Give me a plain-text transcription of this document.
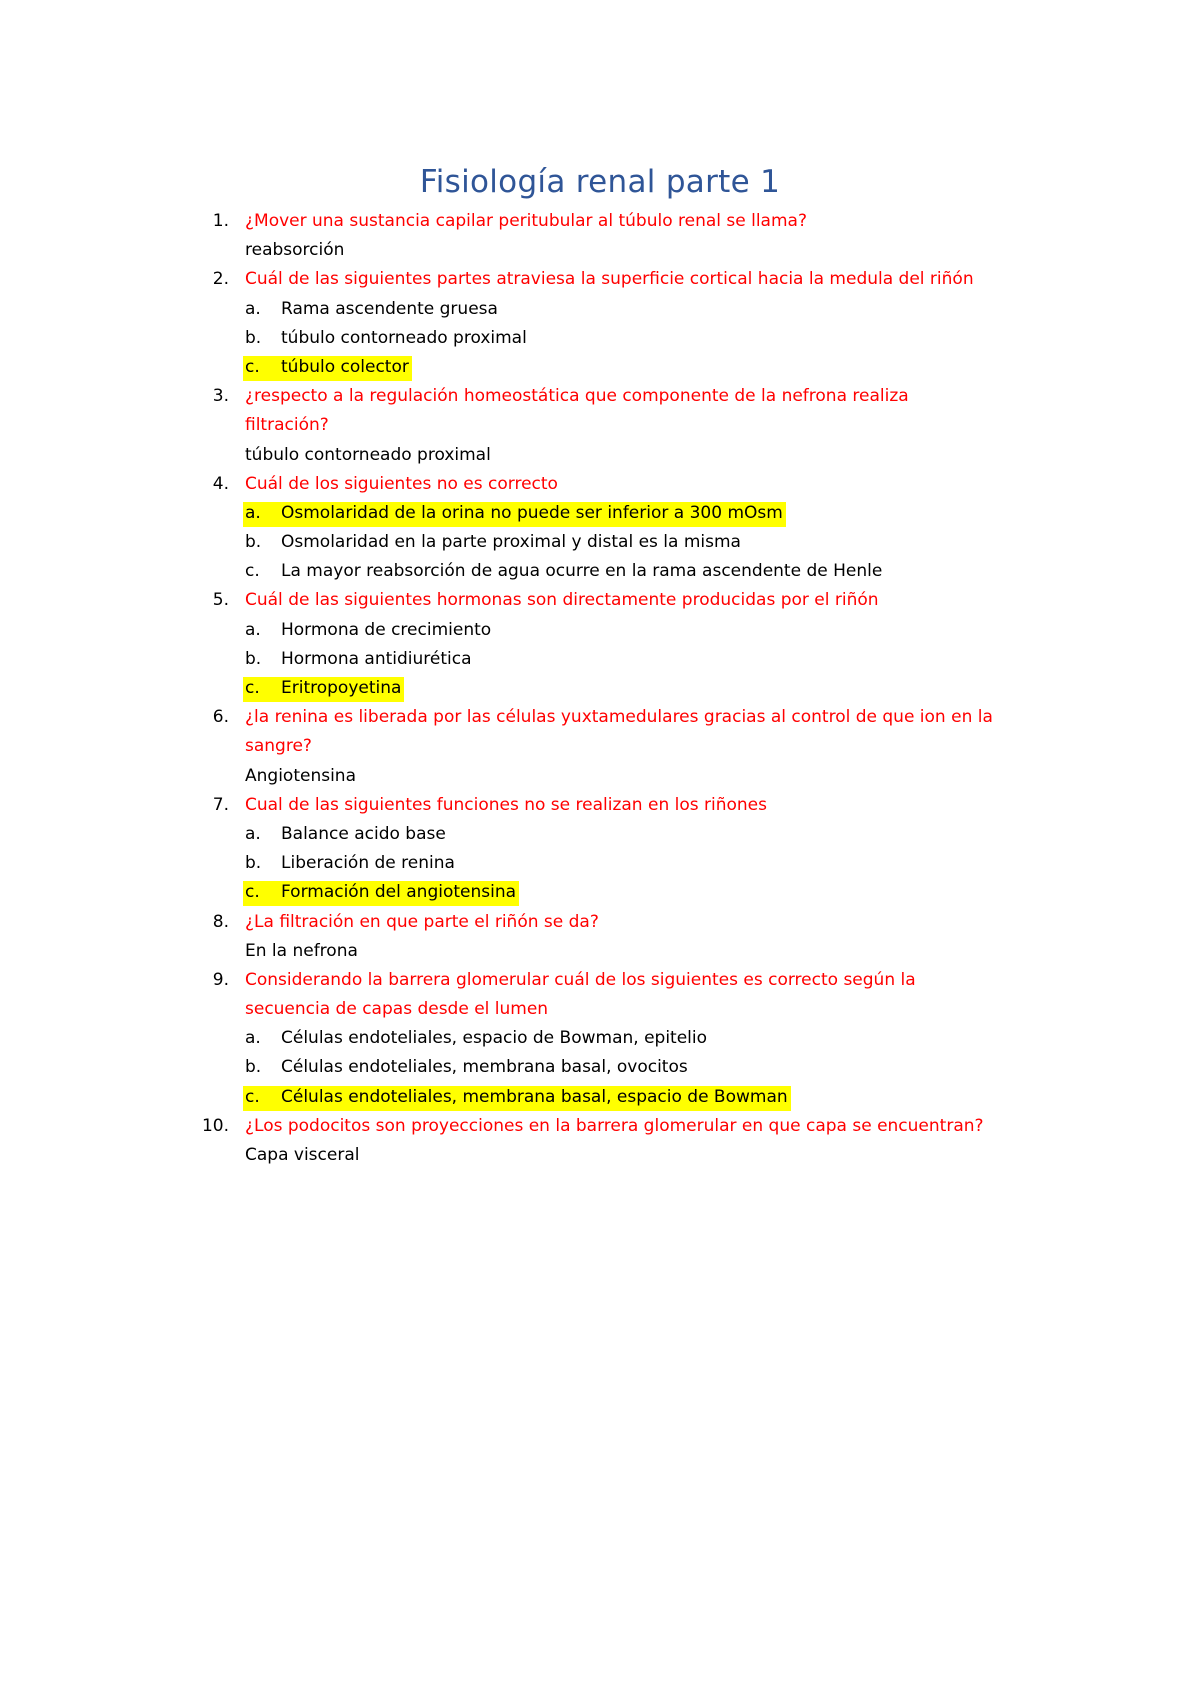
Fisiología renal parte 1
1. ¿Mover una sustancia capilar peritubular al túbulo renal se llama?
reabsorción
2. Cuál de las siguientes partes atraviesa la superficie cortical hacia la medula del riñón
a.	Rama ascendente gruesa
b.	túbulo contorneado proximal
c.	túbulo colector
3. ¿respecto a la regulación homeostática que componente de la nefrona realiza
filtración?
túbulo contorneado proximal
4. Cuál de los siguientes no es correcto
a.	Osmolaridad de la orina no puede ser inferior a 300 mOsm
b.	Osmolaridad en la parte proximal y distal es la misma
c.	La mayor reabsorción de agua ocurre en la rama ascendente de Henle
5. Cuál de las siguientes hormonas son directamente producidas por el riñón
a.	Hormona de crecimiento
b.	Hormona antidiurética
c.	Eritropoyetina
6. ¿la renina es liberada por las células yuxtamedulares gracias al control de que ion en la
sangre?
Angiotensina
7. Cual de las siguientes funciones no se realizan en los riñones
a.	Balance acido base
b.	Liberación de renina
c.	Formación del angiotensina
8. ¿La filtración en que parte el riñón se da?
En la nefrona
9. Considerando la barrera glomerular cuál de los siguientes es correcto según la
secuencia de capas desde el lumen
a.	Células endoteliales, espacio de Bowman, epitelio
b.	Células endoteliales, membrana basal, ovocitos
c.	Células endoteliales, membrana basal, espacio de Bowman
10. ¿Los podocitos son proyecciones en la barrera glomerular en que capa se encuentran?
Capa visceral
